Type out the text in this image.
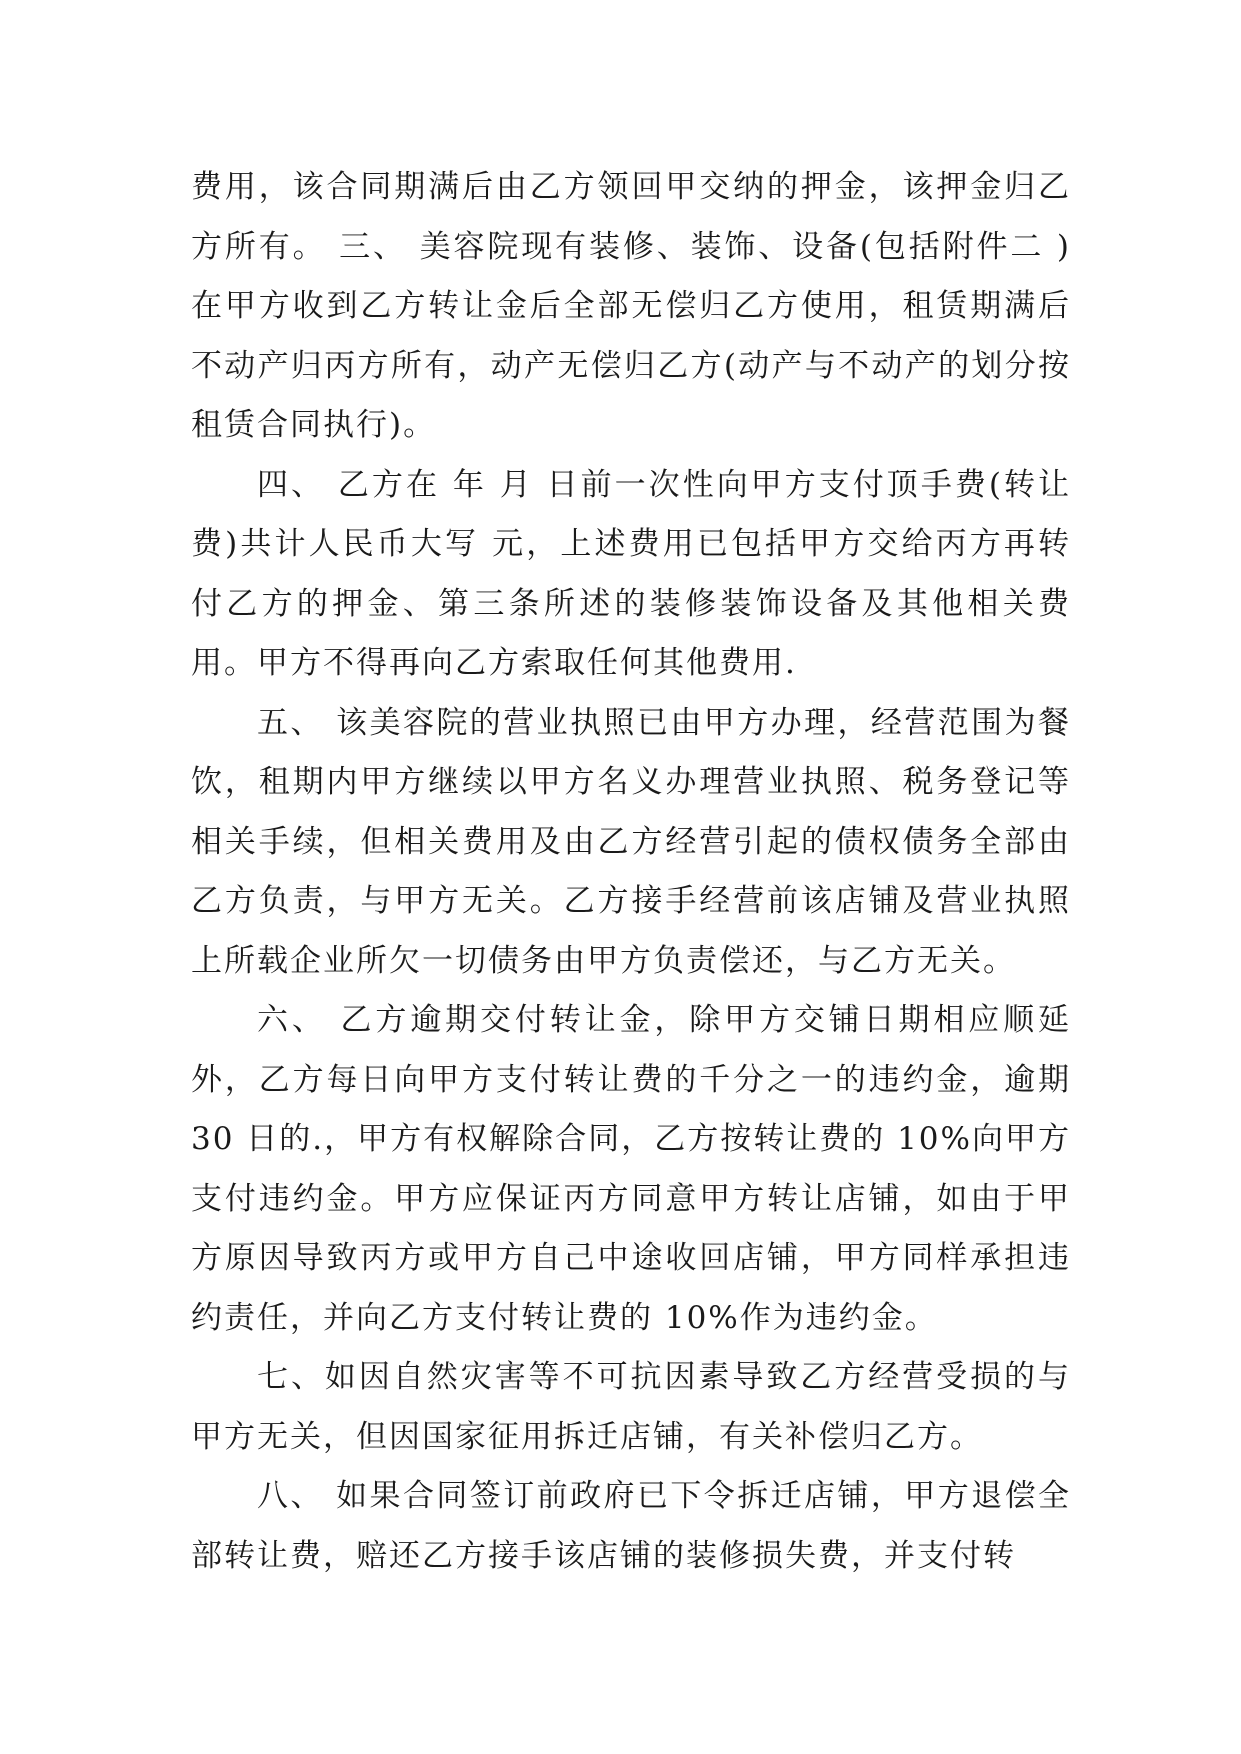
费用，该合同期满后由乙方领回甲交纳的押金，该押金归乙方所有。 三、 美容院现有装修、装饰、设备(包括附件二 )在甲方收到乙方转让金后全部无偿归乙方使用，租赁期满后不动产归丙方所有，动产无偿归乙方(动产与不动产的划分按租赁合同执行)。

四、 乙方在 年 月 日前一次性向甲方支付顶手费(转让费)共计人民币大写 元，上述费用已包括甲方交给丙方再转付乙方的押金、第三条所述的装修装饰设备及其他相关费用。甲方不得再向乙方索取任何其他费用.

五、 该美容院的营业执照已由甲方办理，经营范围为餐饮，租期内甲方继续以甲方名义办理营业执照、税务登记等相关手续，但相关费用及由乙方经营引起的债权债务全部由乙方负责，与甲方无关。乙方接手经营前该店铺及营业执照上所载企业所欠一切债务由甲方负责偿还，与乙方无关。

六、 乙方逾期交付转让金，除甲方交铺日期相应顺延外，乙方每日向甲方支付转让费的千分之一的违约金，逾期30 日的.，甲方有权解除合同，乙方按转让费的 10%向甲方支付违约金。甲方应保证丙方同意甲方转让店铺，如由于甲方原因导致丙方或甲方自己中途收回店铺，甲方同样承担违约责任，并向乙方支付转让费的 10%作为违约金。

七、如因自然灾害等不可抗因素导致乙方经营受损的与甲方无关，但因国家征用拆迁店铺，有关补偿归乙方。

八、 如果合同签订前政府已下令拆迁店铺，甲方退偿全部转让费，赔还乙方接手该店铺的装修损失费，并支付转
